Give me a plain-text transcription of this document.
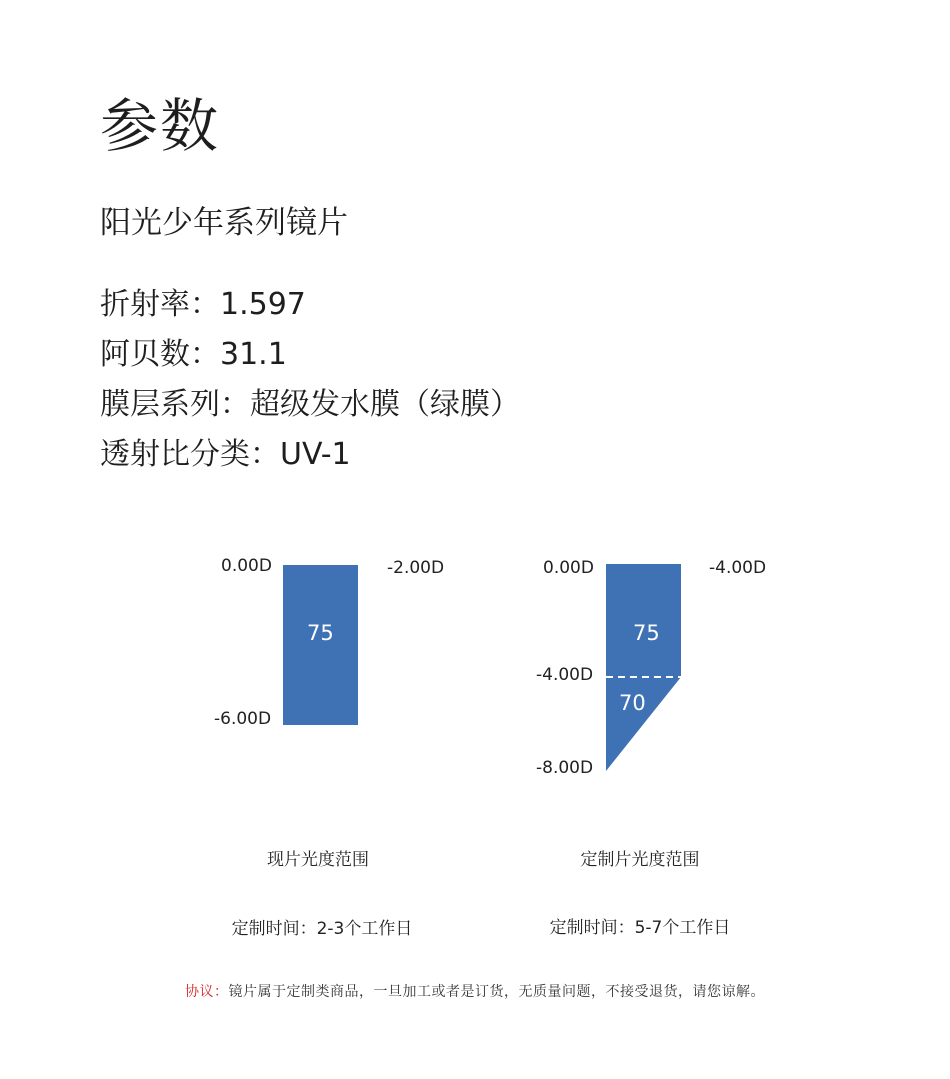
参数
阳光少年系列镜片
折射率：1.597
阿贝数：31.1
膜层系列：超级发水膜（绿膜）
透射比分类：UV-1
0.00D
-6.00D
-2.00D
75
0.00D
-4.00D
-8.00D
-4.00D
75
70
现片光度范围	定制片光度范围
定制时间：2-3个工作日	定制时间：5-7个工作日
协议：镜片属于定制类商品，一旦加工或者是订货，无质量问题，不接受退货，请您谅解。
